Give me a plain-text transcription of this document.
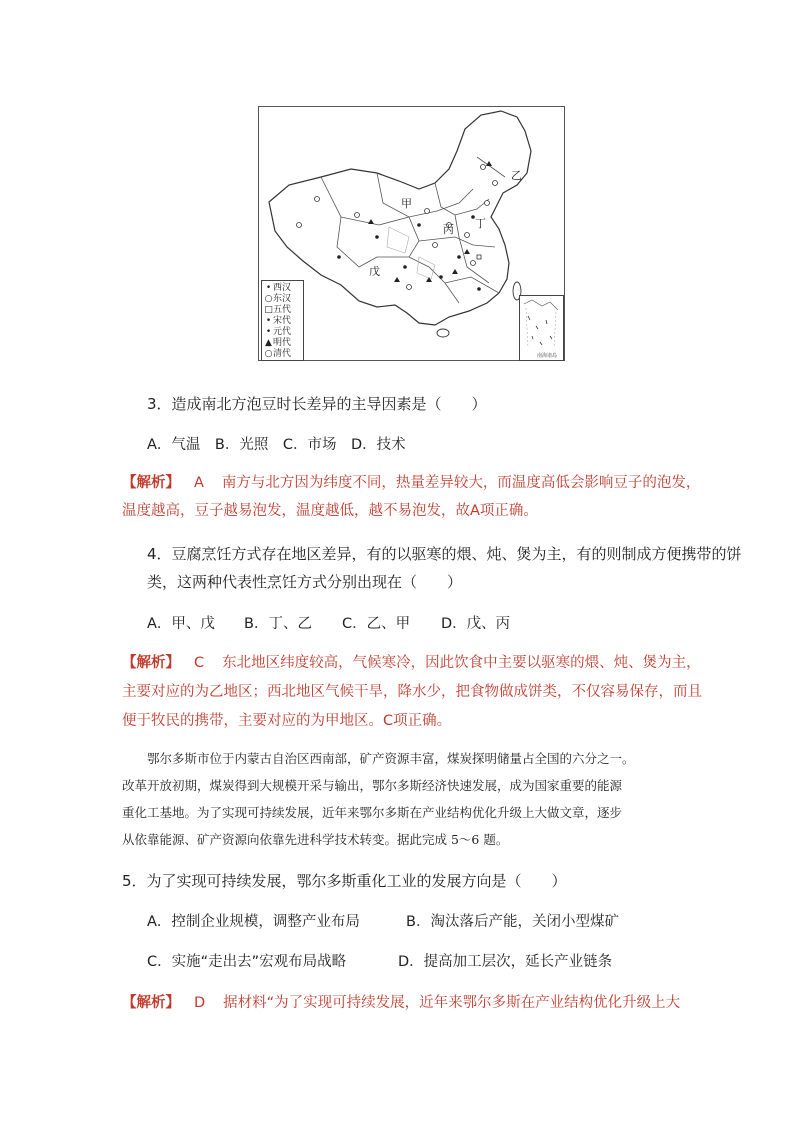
甲
乙
丙 丁
戊
• 西汉
○东汉
□五代
• 宋代
• 元代
▲明代
○清代	南海诸岛
3．造成南北方泡豆时长差异的主导因素是（　　）
A．气温　B．光照　C．市场　D．技术
【解析】 A 南方与北方因为纬度不同，热量差异较大，而温度高低会影响豆子的泡发，
温度越高，豆子越易泡发，温度越低，越不易泡发，故A项正确。
4．豆腐烹饪方式存在地区差异，有的以驱寒的煨、炖、煲为主，有的则制成方便携带的饼
类，这两种代表性烹饪方式分别出现在（　　）
A．甲、戊 B．丁、乙 C．乙、甲 D．戊、丙
【解析】 C 东北地区纬度较高，气候寒冷，因此饮食中主要以驱寒的煨、炖、煲为主，
主要对应的为乙地区；西北地区气候干旱，降水少，把食物做成饼类，不仅容易保存，而且
便于牧民的携带，主要对应的为甲地区。C项正确。
鄂尔多斯市位于内蒙古自治区西南部，矿产资源丰富，煤炭探明储量占全国的六分之一。
改革开放初期，煤炭得到大规模开采与输出，鄂尔多斯经济快速发展，成为国家重要的能源
重化工基地。为了实现可持续发展，近年来鄂尔多斯在产业结构优化升级上大做文章，逐步
从依靠能源、矿产资源向依靠先进科学技术转变。据此完成 5～6 题。
5．为了实现可持续发展，鄂尔多斯重化工业的发展方向是（　　）
A．控制企业规模，调整产业布局	B．淘汰落后产能，关闭小型煤矿
C．实施“走出去”宏观布局战略	D．提高加工层次，延长产业链条
【解析】 D 据材料“为了实现可持续发展，近年来鄂尔多斯在产业结构优化升级上大
